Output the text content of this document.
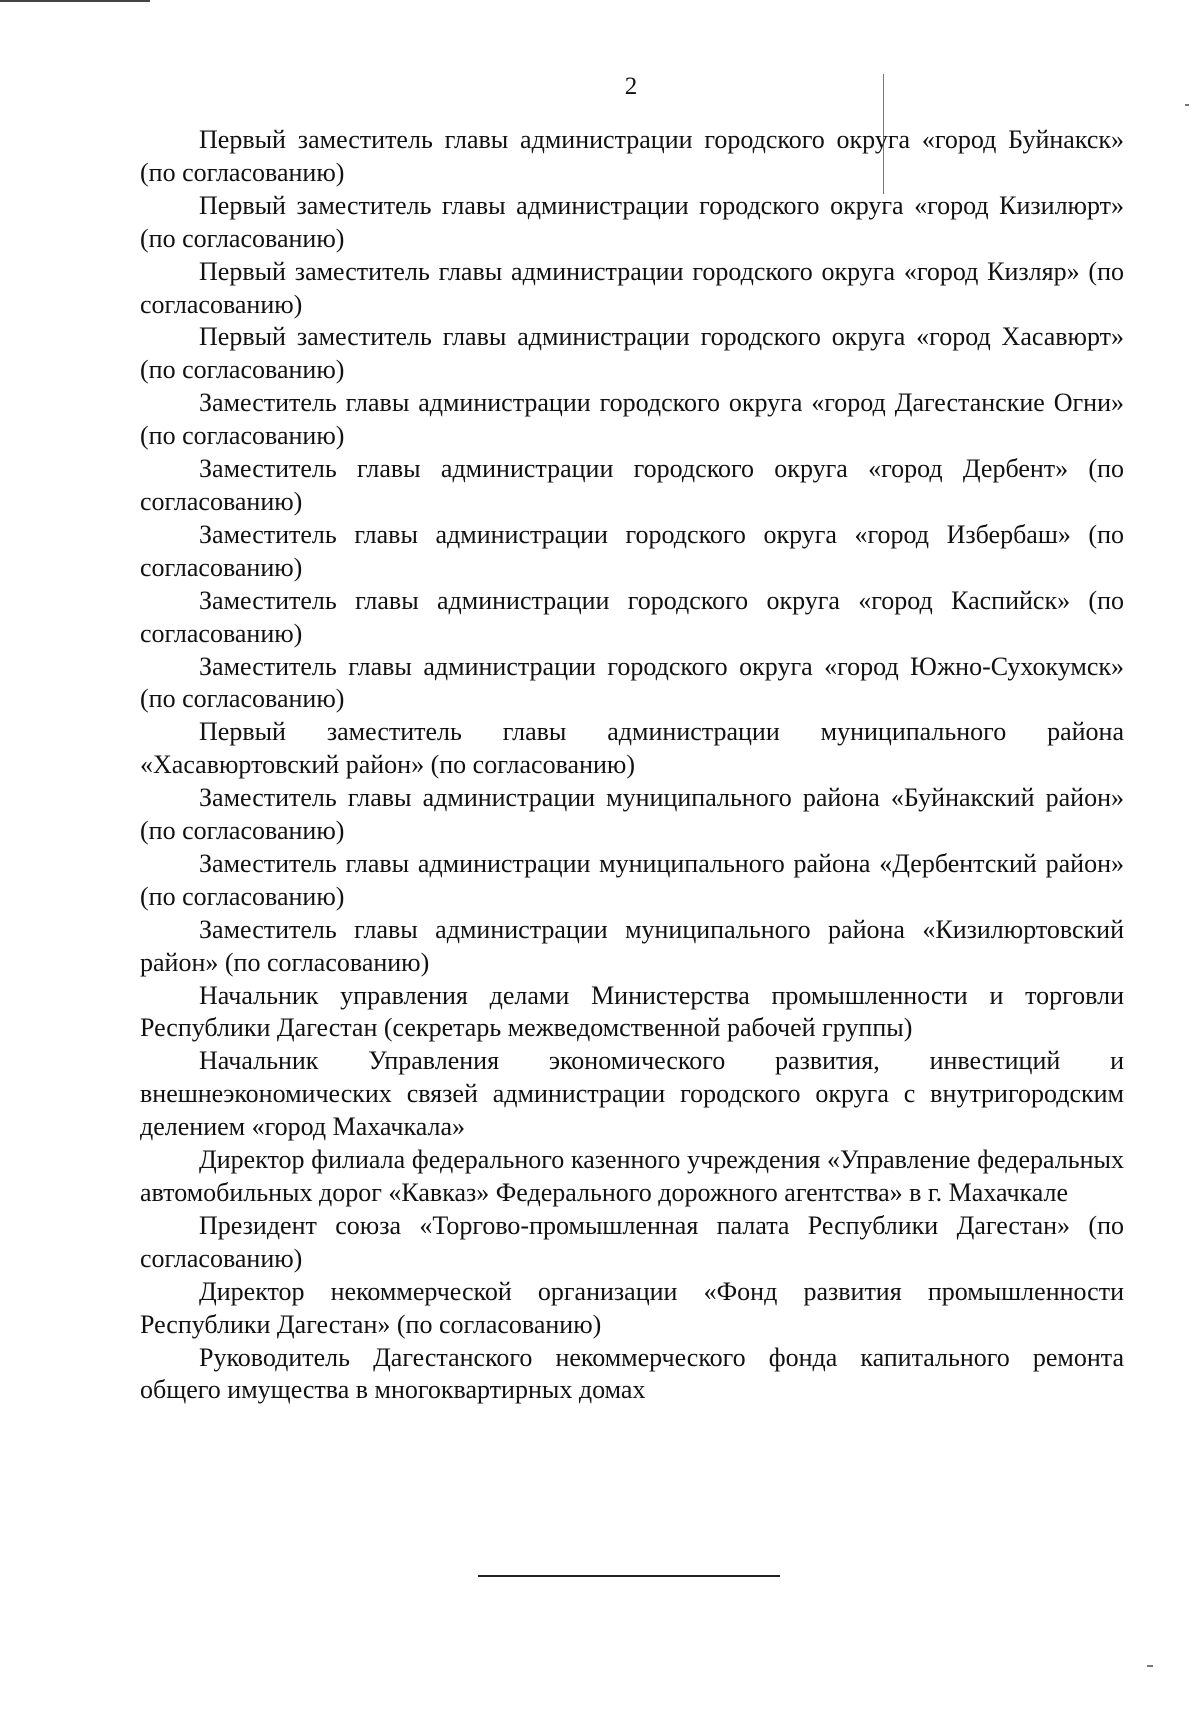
2

Первый заместитель главы администрации городского округа «город Буйнакск» (по согласованию)

Первый заместитель главы администрации городского округа «город Кизилюрт» (по согласованию)

Первый заместитель главы администрации городского округа «город Кизляр» (по согласованию)

Первый заместитель главы администрации городского округа «город Хасавюрт» (по согласованию)

Заместитель главы администрации городского округа «город Дагестанские Огни» (по согласованию)

Заместитель главы администрации городского округа «город Дербент» (по согласованию)

Заместитель главы администрации городского округа «город Избербаш» (по согласованию)

Заместитель главы администрации городского округа «город Каспийск» (по согласованию)

Заместитель главы администрации городского округа «город Южно-Сухокумск» (по согласованию)

Первый заместитель главы администрации муниципального района «Хасавюртовский район» (по согласованию)

Заместитель главы администрации муниципального района «Буйнакский район» (по согласованию)

Заместитель главы администрации муниципального района «Дербентский район» (по согласованию)

Заместитель главы администрации муниципального района «Кизилюртовский район» (по согласованию)

Начальник управления делами Министерства промышленности и торговли Республики Дагестан (секретарь межведомственной рабочей группы)

Начальник Управления экономического развития, инвестиций и внешнеэкономических связей администрации городского округа с внутригородским делением «город Махачкала»

Директор филиала федерального казенного учреждения «Управление федеральных автомобильных дорог «Кавказ» Федерального дорожного агентства» в г. Махачкале

Президент союза «Торгово-промышленная палата Республики Дагестан» (по согласованию)

Директор некоммерческой организации «Фонд развития промышленности Республики Дагестан» (по согласованию)

Руководитель Дагестанского некоммерческого фонда капитального ремонта общего имущества в многоквартирных домах
